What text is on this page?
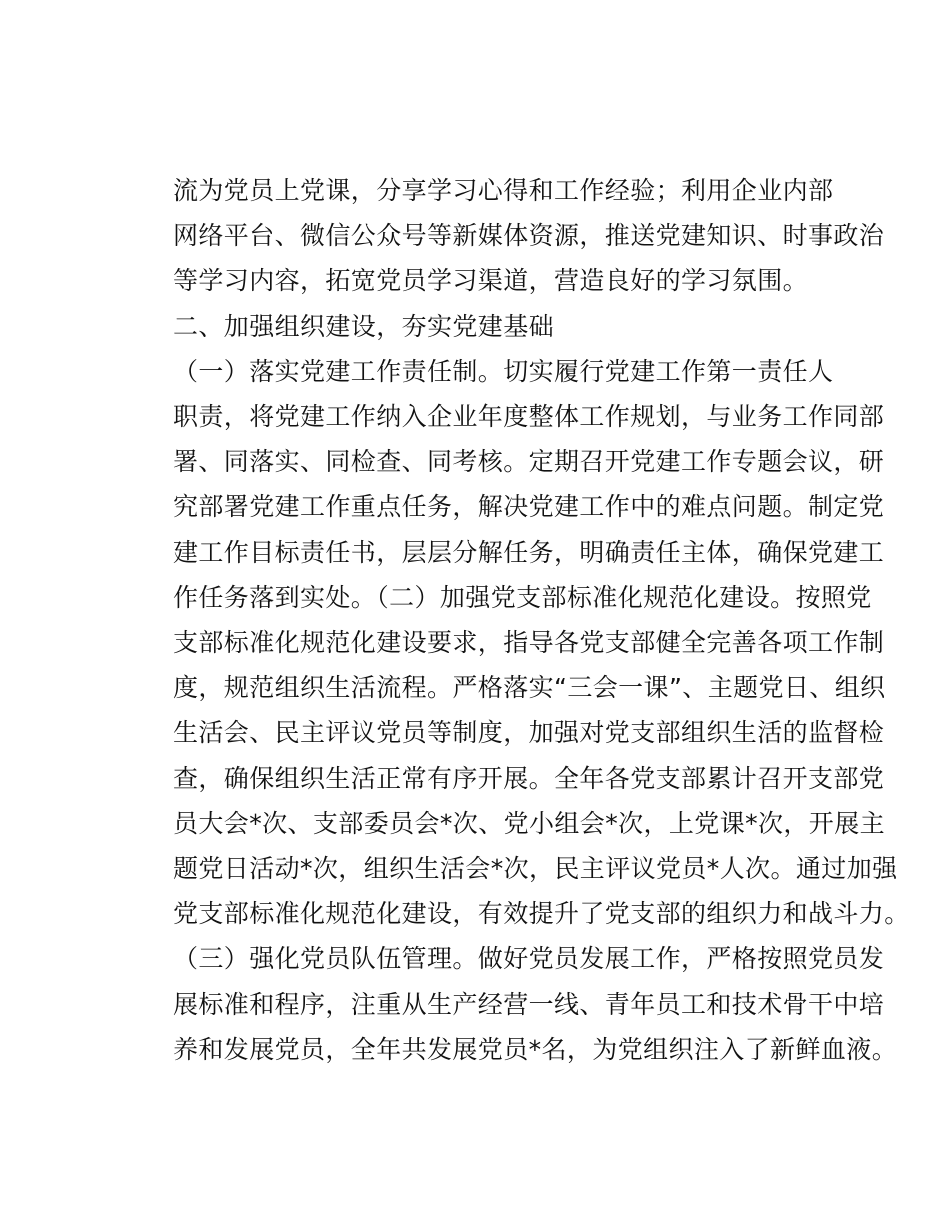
流为党员上党课，分享学习心得和工作经验；利用企业内部
网络平台、微信公众号等新媒体资源，推送党建知识、时事政治
等学习内容，拓宽党员学习渠道，营造良好的学习氛围。

二、加强组织建设，夯实党建基础

（一）落实党建工作责任制。切实履行党建工作第一责任人
职责，将党建工作纳入企业年度整体工作规划，与业务工作同部
署、同落实、同检查、同考核。定期召开党建工作专题会议，研
究部署党建工作重点任务，解决党建工作中的难点问题。制定党
建工作目标责任书，层层分解任务，明确责任主体，确保党建工
作任务落到实处。（二）加强党支部标准化规范化建设。按照党
支部标准化规范化建设要求，指导各党支部健全完善各项工作制
度，规范组织生活流程。严格落实“三会一课”、主题党日、组织
生活会、民主评议党员等制度，加强对党支部组织生活的监督检
查，确保组织生活正常有序开展。全年各党支部累计召开支部党
员大会*次、支部委员会*次、党小组会*次，上党课*次，开展主
题党日活动*次，组织生活会*次，民主评议党员*人次。通过加强
党支部标准化规范化建设，有效提升了党支部的组织力和战斗力。
（三）强化党员队伍管理。做好党员发展工作，严格按照党员发
展标准和程序，注重从生产经营一线、青年员工和技术骨干中培
养和发展党员，全年共发展党员*名，为党组织注入了新鲜血液。
